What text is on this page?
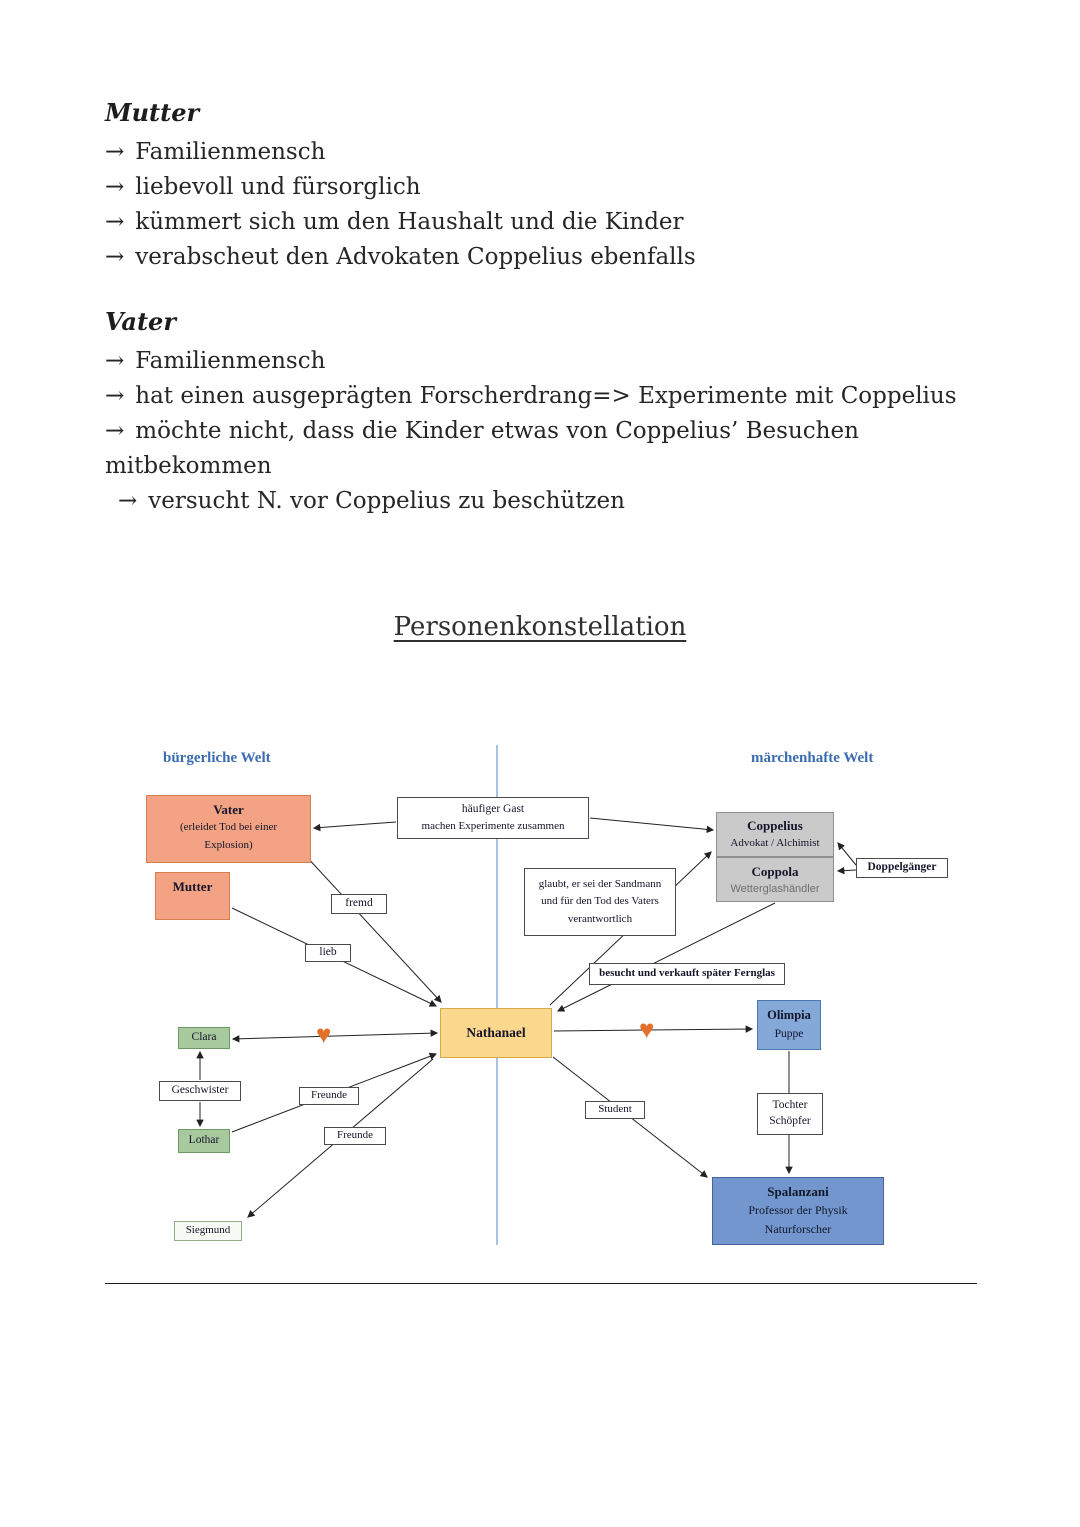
Mutter
→ Familienmensch
→ liebevoll und fürsorglich
→ kümmert sich um den Haushalt und die Kinder
→ verabscheut den Advokaten Coppelius ebenfalls
Vater
→ Familienmensch
→ hat einen ausgeprägten Forscherdrang=> Experimente mit Coppelius
→ möchte nicht, dass die Kinder etwas von Coppelius’ Besuchen mitbekommen
→ versucht N. vor Coppelius zu beschützen
Personenkonstellation
bürgerliche Welt	märchenhafte Welt
Vater
(erleidet Tod bei einer
Explosion)
Mutter
häufiger Gast
machen Experimente zusammen	Coppelius
Advokat / Alchimist
Coppola
Wetterglashändler
Doppelgänger
glaubt, er sei der Sandmann
und für den Tod des Vaters
verantwortlich
fremd
lieb
besucht und verkauft später Fernglas
Nathanael
Olimpia
Puppe
Clara
Geschwister
Lothar
Freunde
Freunde
Siegmund
Student	Tochter
Schöpfer
Spalanzani
Professor der Physik
Naturforscher
♥	♥
